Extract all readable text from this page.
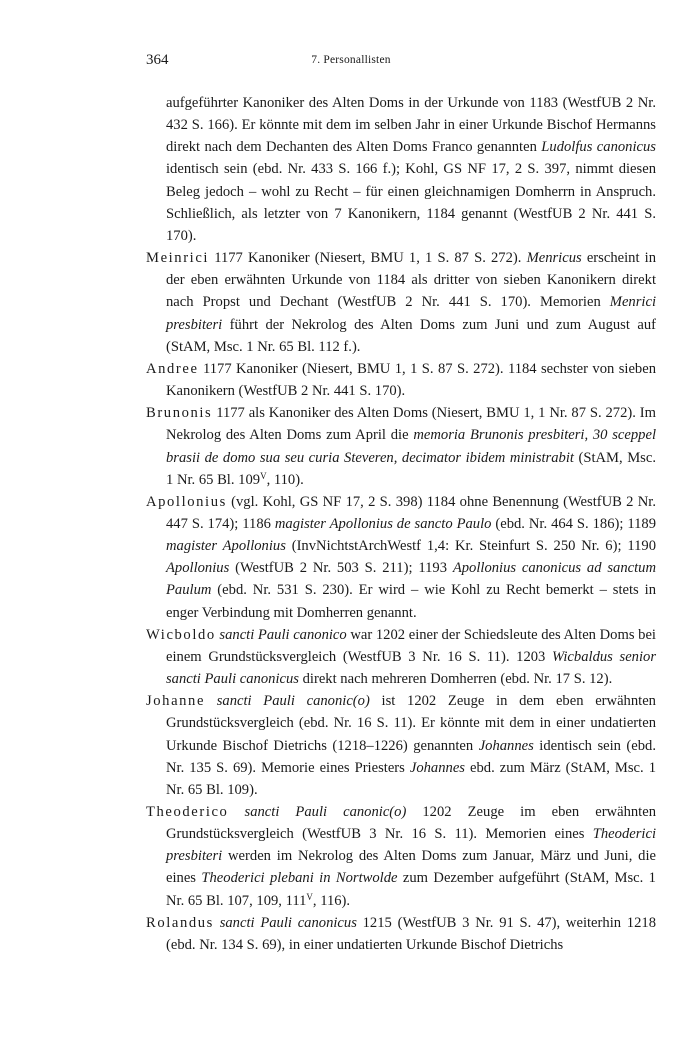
364	7. Personallisten

aufgeführter Kanoniker des Alten Doms in der Urkunde von 1183 (WestfUB 2 Nr. 432 S. 166). Er könnte mit dem im selben Jahr in einer Urkunde Bischof Hermanns direkt nach dem Dechanten des Alten Doms Franco genannten Ludolfus canonicus identisch sein (ebd. Nr. 433 S. 166 f.); Kohl, GS NF 17, 2 S. 397, nimmt diesen Beleg jedoch – wohl zu Recht – für einen gleichnamigen Domherrn in Anspruch. Schließlich, als letzter von 7 Kanonikern, 1184 genannt (WestfUB 2 Nr. 441 S. 170).

Meinrici 1177 Kanoniker (Niesert, BMU 1, 1 S. 87 S. 272). Menricus erscheint in der eben erwähnten Urkunde von 1184 als dritter von sieben Kanonikern direkt nach Propst und Dechant (WestfUB 2 Nr. 441 S. 170). Memorien Menrici presbiteri führt der Nekrolog des Alten Doms zum Juni und zum August auf (StAM, Msc. 1 Nr. 65 Bl. 112 f.).

Andree 1177 Kanoniker (Niesert, BMU 1, 1 S. 87 S. 272). 1184 sechster von sieben Kanonikern (WestfUB 2 Nr. 441 S. 170).

Brunonis 1177 als Kanoniker des Alten Doms (Niesert, BMU 1, 1 Nr. 87 S. 272). Im Nekrolog des Alten Doms zum April die memoria Brunonis presbiteri, 30 sceppel brasii de domo sua seu curia Steveren, decimator ibidem ministrabit (StAM, Msc. 1 Nr. 65 Bl. $109^V$, 110).

Apollonius (vgl. Kohl, GS NF 17, 2 S. 398) 1184 ohne Benennung (WestfUB 2 Nr. 447 S. 174); 1186 magister Apollonius de sancto Paulo (ebd. Nr. 464 S. 186); 1189 magister Apollonius (InvNichtstArchWestf 1,4: Kr. Steinfurt S. 250 Nr. 6); 1190 Apollonius (WestfUB 2 Nr. 503 S. 211); 1193 Apollonius canonicus ad sanctum Paulum (ebd. Nr. 531 S. 230). Er wird – wie Kohl zu Recht bemerkt – stets in enger Verbindung mit Domherren genannt.

Wicboldo sancti Pauli canonico war 1202 einer der Schiedsleute des Alten Doms bei einem Grundstücksvergleich (WestfUB 3 Nr. 16 S. 11). 1203 Wicbaldus senior sancti Pauli canonicus direkt nach mehreren Domherren (ebd. Nr. 17 S. 12).

Johanne sancti Pauli canonic(o) ist 1202 Zeuge in dem eben erwähnten Grundstücksvergleich (ebd. Nr. 16 S. 11). Er könnte mit dem in einer undatierten Urkunde Bischof Dietrichs (1218–1226) genannten Johannes identisch sein (ebd. Nr. 135 S. 69). Memorie eines Priesters Johannes ebd. zum März (StAM, Msc. 1 Nr. 65 Bl. 109).

Theoderico sancti Pauli canonic(o) 1202 Zeuge im eben erwähnten Grundstücksvergleich (WestfUB 3 Nr. 16 S. 11). Memorien eines Theoderici presbiteri werden im Nekrolog des Alten Doms zum Januar, März und Juni, die eines Theoderici plebani in Nortwolde zum Dezember aufgeführt (StAM, Msc. 1 Nr. 65 Bl. 107, 109, $111^V$, 116).

Rolandus sancti Pauli canonicus 1215 (WestfUB 3 Nr. 91 S. 47), weiterhin 1218 (ebd. Nr. 134 S. 69), in einer undatierten Urkunde Bischof Dietrichs
